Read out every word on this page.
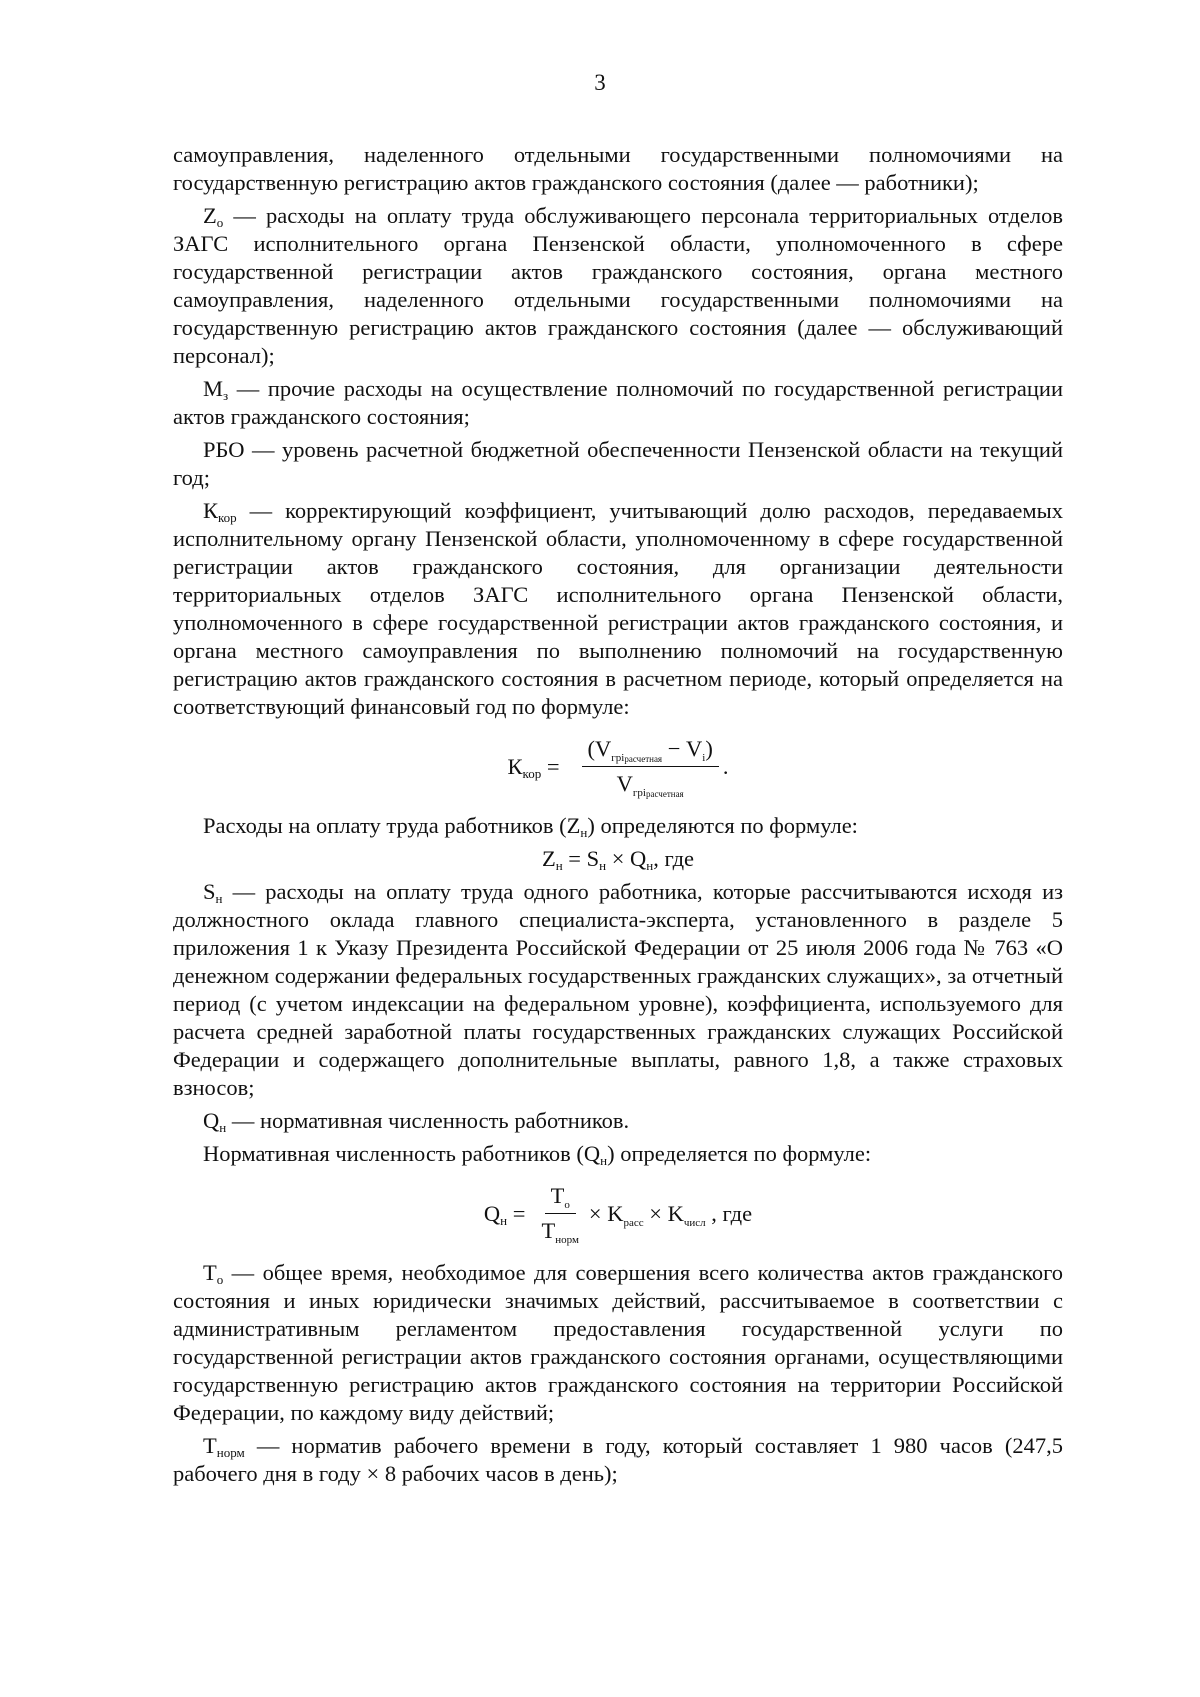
3

самоуправления, наделенного отдельными государственными полномочиями на государственную регистрацию актов гражданского состояния (далее — работники);

$Z_о$ — расходы на оплату труда обслуживающего персонала территориальных отделов ЗАГС исполнительного органа Пензенской области, уполномоченного в сфере государственной регистрации актов гражданского состояния, органа местного самоуправления, наделенного отдельными государственными полномочиями на государственную регистрацию актов гражданского состояния (далее — обслуживающий персонал);

$М_з$ — прочие расходы на осуществление полномочий по государственной регистрации актов гражданского состояния;

РБО — уровень расчетной бюджетной обеспеченности Пензенской области на текущий год;

$К_{кор}$ — корректирующий коэффициент, учитывающий долю расходов, передаваемых исполнительному органу Пензенской области, уполномоченному в сфере государственной регистрации актов гражданского состояния, для организации деятельности территориальных отделов ЗАГС исполнительного органа Пензенской области, уполномоченного в сфере государственной регистрации актов гражданского состояния, и органа местного самоуправления по выполнению полномочий на государственную регистрацию актов гражданского состояния в расчетном периоде, который определяется на соответствующий финансовый год по формуле:

$К_{кор} = \frac{(V_{грiрасчетная} - V_i)}{V_{грiрасчетная}}$ .

Расходы на оплату труда работников $(Z_н)$ определяются по формуле:

$Z_н = S_н \times Q_н$, где

$S_н$ — расходы на оплату труда одного работника, которые рассчитываются исходя из должностного оклада главного специалиста-эксперта, установленного в разделе 5 приложения 1 к Указу Президента Российской Федерации от 25 июля 2006 года № 763 «О денежном содержании федеральных государственных гражданских служащих», за отчетный период (с учетом индексации на федеральном уровне), коэффициента, используемого для расчета средней заработной платы государственных гражданских служащих Российской Федерации и содержащего дополнительные выплаты, равного 1,8, а также страховых взносов;

$Q_н$ — нормативная численность работников.

Нормативная численность работников $(Q_н)$ определяется по формуле:

$Q_н = \frac{T_о}{T_{норм}} \times K_{расс} \times K_{числ}$ , где

$Т_о$ — общее время, необходимое для совершения всего количества актов гражданского состояния и иных юридически значимых действий, рассчитываемое в соответствии с административным регламентом предоставления государственной услуги по государственной регистрации актов гражданского состояния органами, осуществляющими государственную регистрацию актов гражданского состояния на территории Российской Федерации, по каждому виду действий;

$Т_{норм}$ — норматив рабочего времени в году, который составляет 1 980 часов (247,5 рабочего дня в году × 8 рабочих часов в день);
